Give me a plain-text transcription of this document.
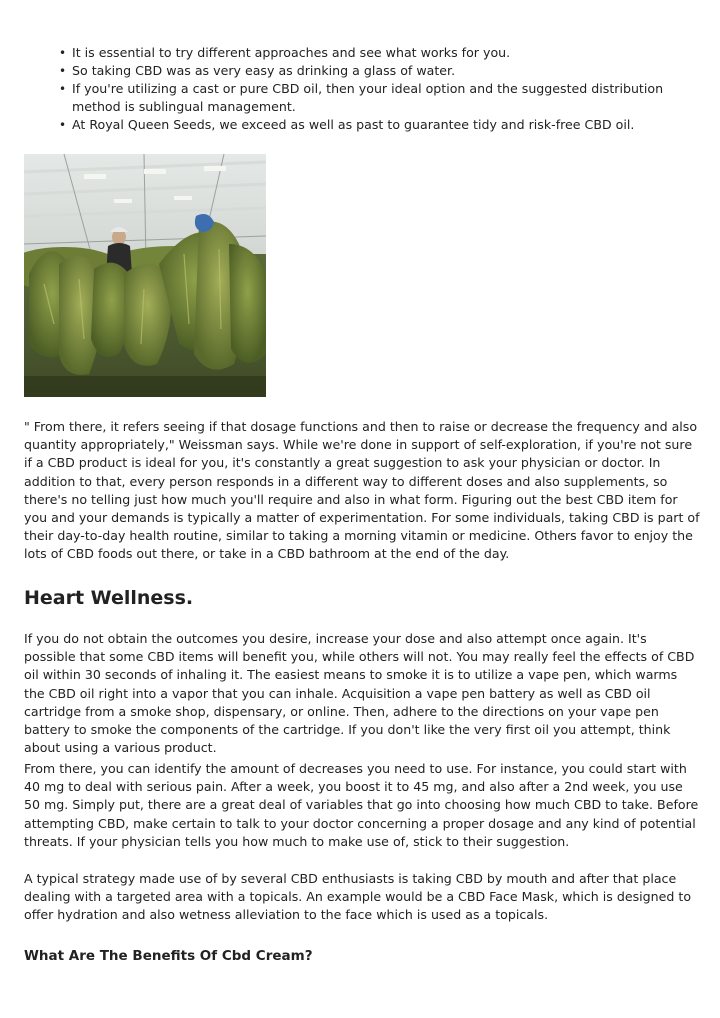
• It is essential to try different approaches and see what works for you.
• So taking CBD was as very easy as drinking a glass of water.
• If you're utilizing a cast or pure CBD oil, then your ideal option and the suggested distribution method is sublingual management.
• At Royal Queen Seeds, we exceed as well as past to guarantee tidy and risk-free CBD oil.

" From there, it refers seeing if that dosage functions and then to raise or decrease the frequency and also quantity appropriately," Weissman says. While we're done in support of self-exploration, if you're not sure if a CBD product is ideal for you, it's constantly a great suggestion to ask your physician or doctor. In addition to that, every person responds in a different way to different doses and also supplements, so there's no telling just how much you'll require and also in what form. Figuring out the best CBD item for you and your demands is typically a matter of experimentation. For some individuals, taking CBD is part of their day-to-day health routine, similar to taking a morning vitamin or medicine. Others favor to enjoy the lots of CBD foods out there, or take in a CBD bathroom at the end of the day.

Heart Wellness.

If you do not obtain the outcomes you desire, increase your dose and also attempt once again. It's possible that some CBD items will benefit you, while others will not. You may really feel the effects of CBD oil within 30 seconds of inhaling it. The easiest means to smoke it is to utilize a vape pen, which warms the CBD oil right into a vapor that you can inhale. Acquisition a vape pen battery as well as CBD oil cartridge from a smoke shop, dispensary, or online. Then, adhere to the directions on your vape pen battery to smoke the components of the cartridge. If you don't like the very first oil you attempt, think about using a various product.

From there, you can identify the amount of decreases you need to use. For instance, you could start with 40 mg to deal with serious pain. After a week, you boost it to 45 mg, and also after a 2nd week, you use 50 mg. Simply put, there are a great deal of variables that go into choosing how much CBD to take. Before attempting CBD, make certain to talk to your doctor concerning a proper dosage and any kind of potential threats. If your physician tells you how much to make use of, stick to their suggestion.

A typical strategy made use of by several CBD enthusiasts is taking CBD by mouth and after that place dealing with a targeted area with a topicals. An example would be a CBD Face Mask, which is designed to offer hydration and also wetness alleviation to the face which is used as a topicals.

What Are The Benefits Of Cbd Cream?
